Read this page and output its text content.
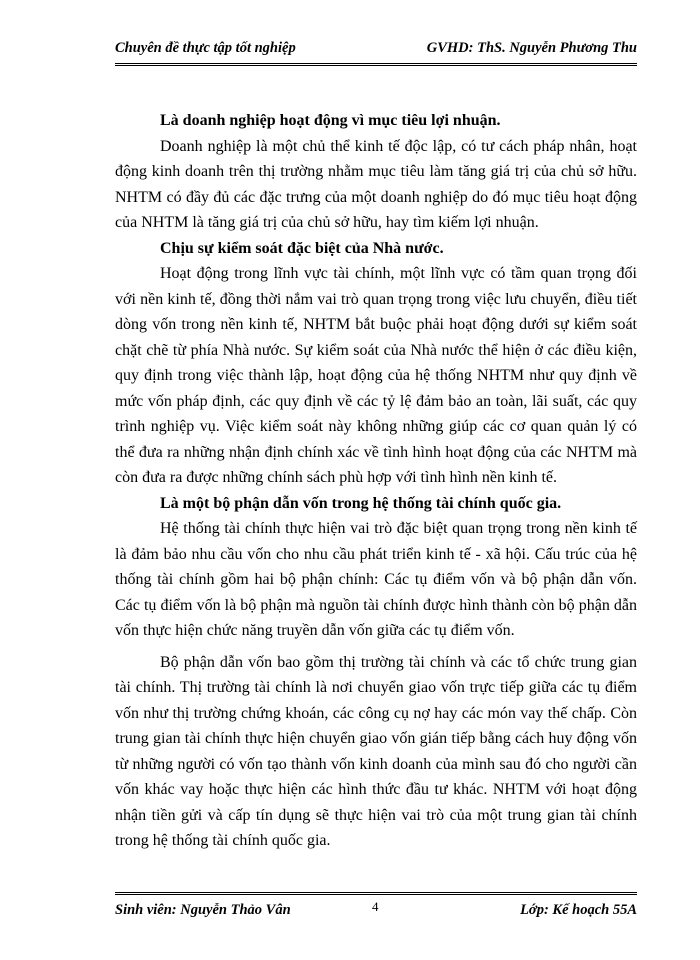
Chuyên đề thực tập tốt nghiệp	GVHD: ThS. Nguyễn Phương Thu

Là doanh nghiệp hoạt động vì mục tiêu lợi nhuận.

Doanh nghiệp là một chủ thể kinh tế độc lập, có tư cách pháp nhân, hoạt động kinh doanh trên thị trường nhằm mục tiêu làm tăng giá trị của chủ sở hữu. NHTM có đầy đủ các đặc trưng của một doanh nghiệp do đó mục tiêu hoạt động của NHTM là tăng giá trị của chủ sở hữu, hay tìm kiếm lợi nhuận.

Chịu sự kiểm soát đặc biệt của Nhà nước.

Hoạt động trong lĩnh vực tài chính, một lĩnh vực có tầm quan trọng đối với nền kinh tế, đồng thời nắm vai trò quan trọng trong việc lưu chuyển, điều tiết dòng vốn trong nền kinh tế, NHTM bắt buộc phải hoạt động dưới sự kiểm soát chặt chẽ từ phía Nhà nước. Sự kiểm soát của Nhà nước thể hiện ở các điều kiện, quy định trong việc thành lập, hoạt động của hệ thống NHTM như quy định về mức vốn pháp định, các quy định về các tỷ lệ đảm bảo an toàn, lãi suất, các quy trình nghiệp vụ. Việc kiểm soát này không những giúp các cơ quan quản lý có thể đưa ra những nhận định chính xác về tình hình hoạt động của các NHTM mà còn đưa ra được những chính sách phù hợp với tình hình nền kinh tế.

Là một bộ phận dẫn vốn trong hệ thống tài chính quốc gia.

Hệ thống tài chính thực hiện vai trò đặc biệt quan trọng trong nền kinh tế là đảm bảo nhu cầu vốn cho nhu cầu phát triển kinh tế - xã hội. Cấu trúc của hệ thống tài chính gồm hai bộ phận chính: Các tụ điểm vốn và bộ phận dẫn vốn. Các tụ điểm vốn là bộ phận mà nguồn tài chính được hình thành còn bộ phận dẫn vốn thực hiện chức năng truyền dẫn vốn giữa các tụ điểm vốn.

Bộ phận dẫn vốn bao gồm thị trường tài chính và các tổ chức trung gian tài chính. Thị trường tài chính là nơi chuyển giao vốn trực tiếp giữa các tụ điểm vốn như thị trường chứng khoán, các công cụ nợ hay các món vay thế chấp. Còn trung gian tài chính thực hiện chuyển giao vốn gián tiếp bằng cách huy động vốn từ những người có vốn tạo thành vốn kinh doanh của mình sau đó cho người cần vốn khác vay hoặc thực hiện các hình thức đầu tư khác. NHTM với hoạt động nhận tiền gửi và cấp tín dụng sẽ thực hiện vai trò của một trung gian tài chính trong hệ thống tài chính quốc gia.

Sinh viên: Nguyễn Thảo Vân	4	Lớp: Kế hoạch 55A
